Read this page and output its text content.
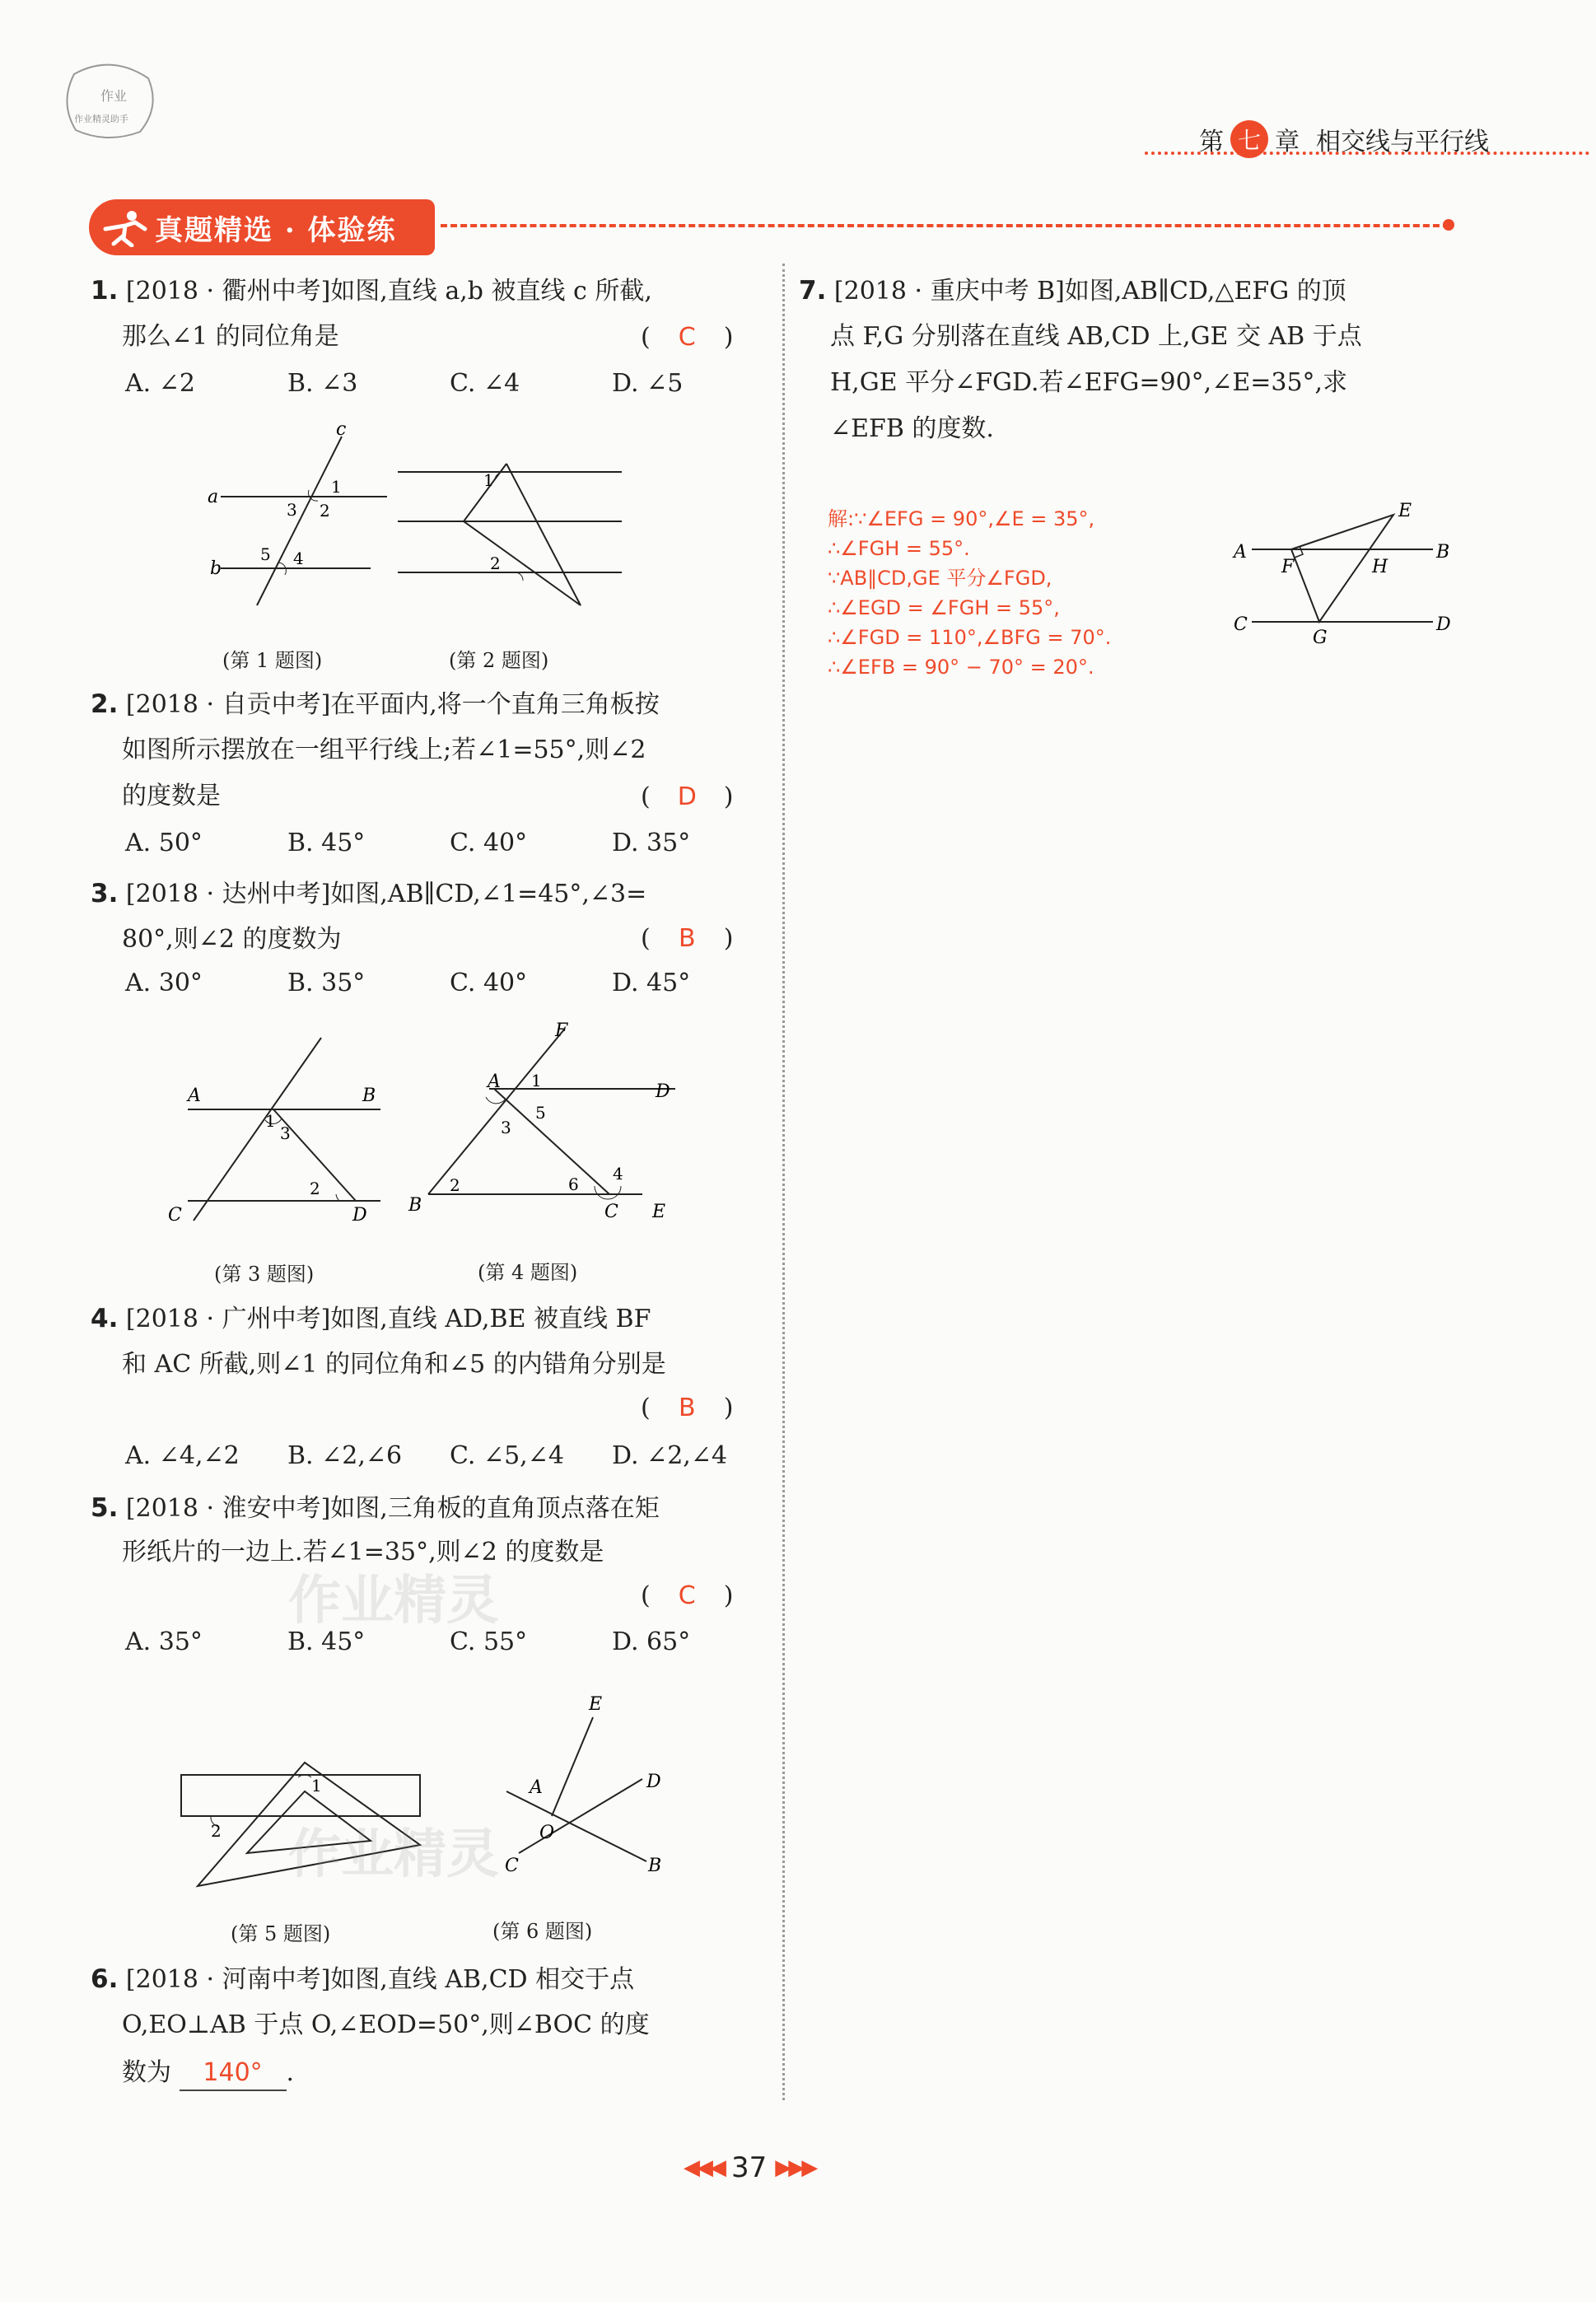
作业
作业精灵助手
第 七 章 相交线与平行线
真题精选 · 体验练
1. [2018 · 衢州中考]如图,直线 a,b 被直线 c 所截,
那么∠1 的同位角是	( C )
A. ∠2	B. ∠3	C. ∠4	D. ∠5
c
a
b
1
2
3
4
5
1
2
(第 1 题图)	(第 2 题图)
2. [2018 · 自贡中考]在平面内,将一个直角三角板按
如图所示摆放在一组平行线上;若∠1=55°,则∠2
的度数是	( D )
A. 50°	B. 45°	C. 40°	D. 35°
3. [2018 · 达州中考]如图,AB∥CD,∠1=45°,∠3=
80°,则∠2 的度数为	( B )
A. 30°	B. 35°	C. 40°	D. 45°
A	B
C	D
1
3
2
F
A	D
B	C E
1
3
5
2	6
4
(第 3 题图)	(第 4 题图)
4. [2018 · 广州中考]如图,直线 AD,BE 被直线 BF
和 AC 所截,则∠1 的同位角和∠5 的内错角分别是
( B )
A. ∠4,∠2	B. ∠2,∠6	C. ∠5,∠4	D. ∠2,∠4
5. [2018 · 淮安中考]如图,三角板的直角顶点落在矩
形纸片的一边上.若∠1=35°,则∠2 的度数是
( C )
A. 35°	B. 45°	C. 55°	D. 65°
1
2
E
D
A
O
B
C
(第 5 题图)	(第 6 题图)
6. [2018 · 河南中考]如图,直线 AB,CD 相交于点
O,EO⊥AB 于点 O,∠EOD=50°,则∠BOC 的度
数为 140° .
7. [2018 · 重庆中考 B]如图,AB∥CD,△EFG 的顶
点 F,G 分别落在直线 AB,CD 上,GE 交 AB 于点
H,GE 平分∠FGD.若∠EFG=90°,∠E=35°,求
∠EFB 的度数.
解:∵∠EFG = 90°,∠E = 35°,
∴∠FGH = 55°.
∵AB∥CD,GE 平分∠FGD,
∴∠EGD = ∠FGH = 55°,
∴∠FGD = 110°,∠BFG = 70°.
∴∠EFB = 90° − 70° = 20°.
A	B
C	D
E
F	H
G
作业精灵
作业精灵
◀◀◀ 37 ▶▶▶
